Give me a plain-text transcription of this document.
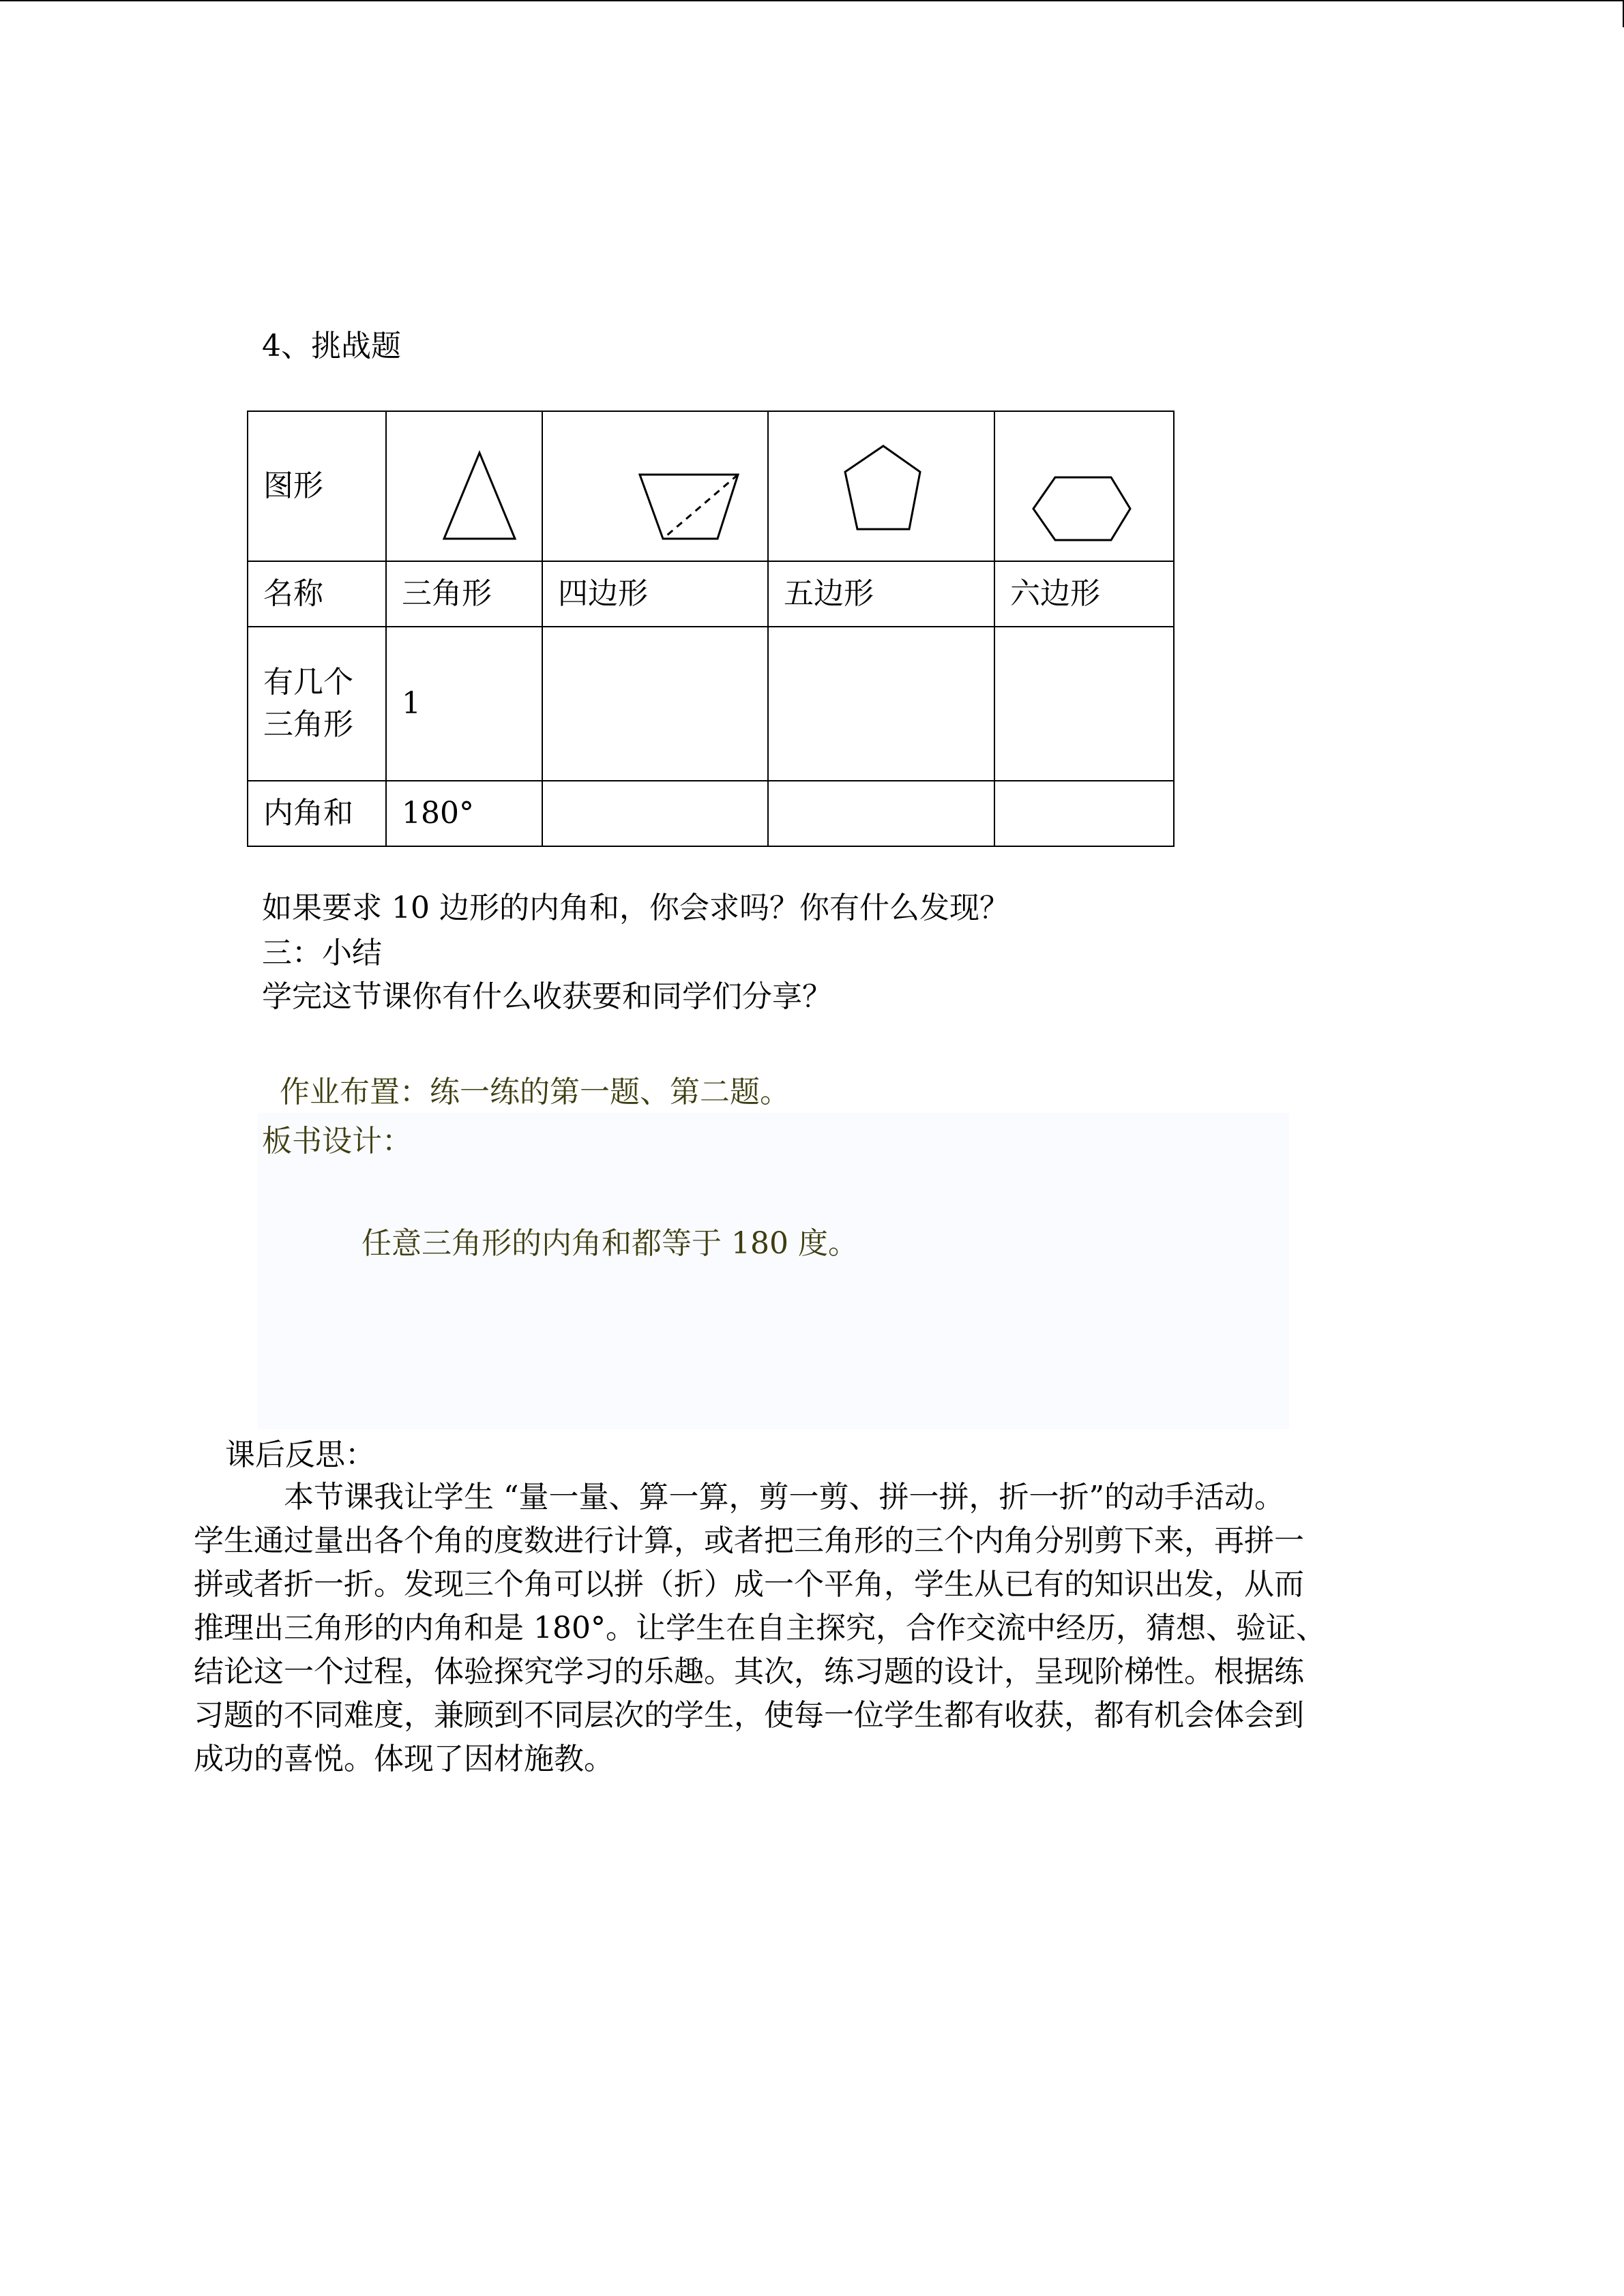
4、挑战题
图形	

名称	三角形	四边形	五边形	六边形

有几个
三角形	1			
内角和	180°			
如果要求 10 边形的内角和，你会求吗？你有什么发现？
三：小结
学完这节课你有什么收获要和同学们分享？
作业布置：练一练的第一题、第二题。
板书设计：
任意三角形的内角和都等于 180 度。
课后反思：
　　　本节课我让学生 “量一量、算一算，剪一剪、拼一拼，折一折”的动手活动。
学生通过量出各个角的度数进行计算，或者把三角形的三个内角分别剪下来，再拼一
拼或者折一折。发现三个角可以拼（折）成一个平角，学生从已有的知识出发，从而
推理出三角形的内角和是 180°。让学生在自主探究，合作交流中经历，猜想、验证、
结论这一个过程，体验探究学习的乐趣。其次，练习题的设计，呈现阶梯性。根据练
习题的不同难度，兼顾到不同层次的学生，使每一位学生都有收获，都有机会体会到
成功的喜悦。体现了因材施教。
